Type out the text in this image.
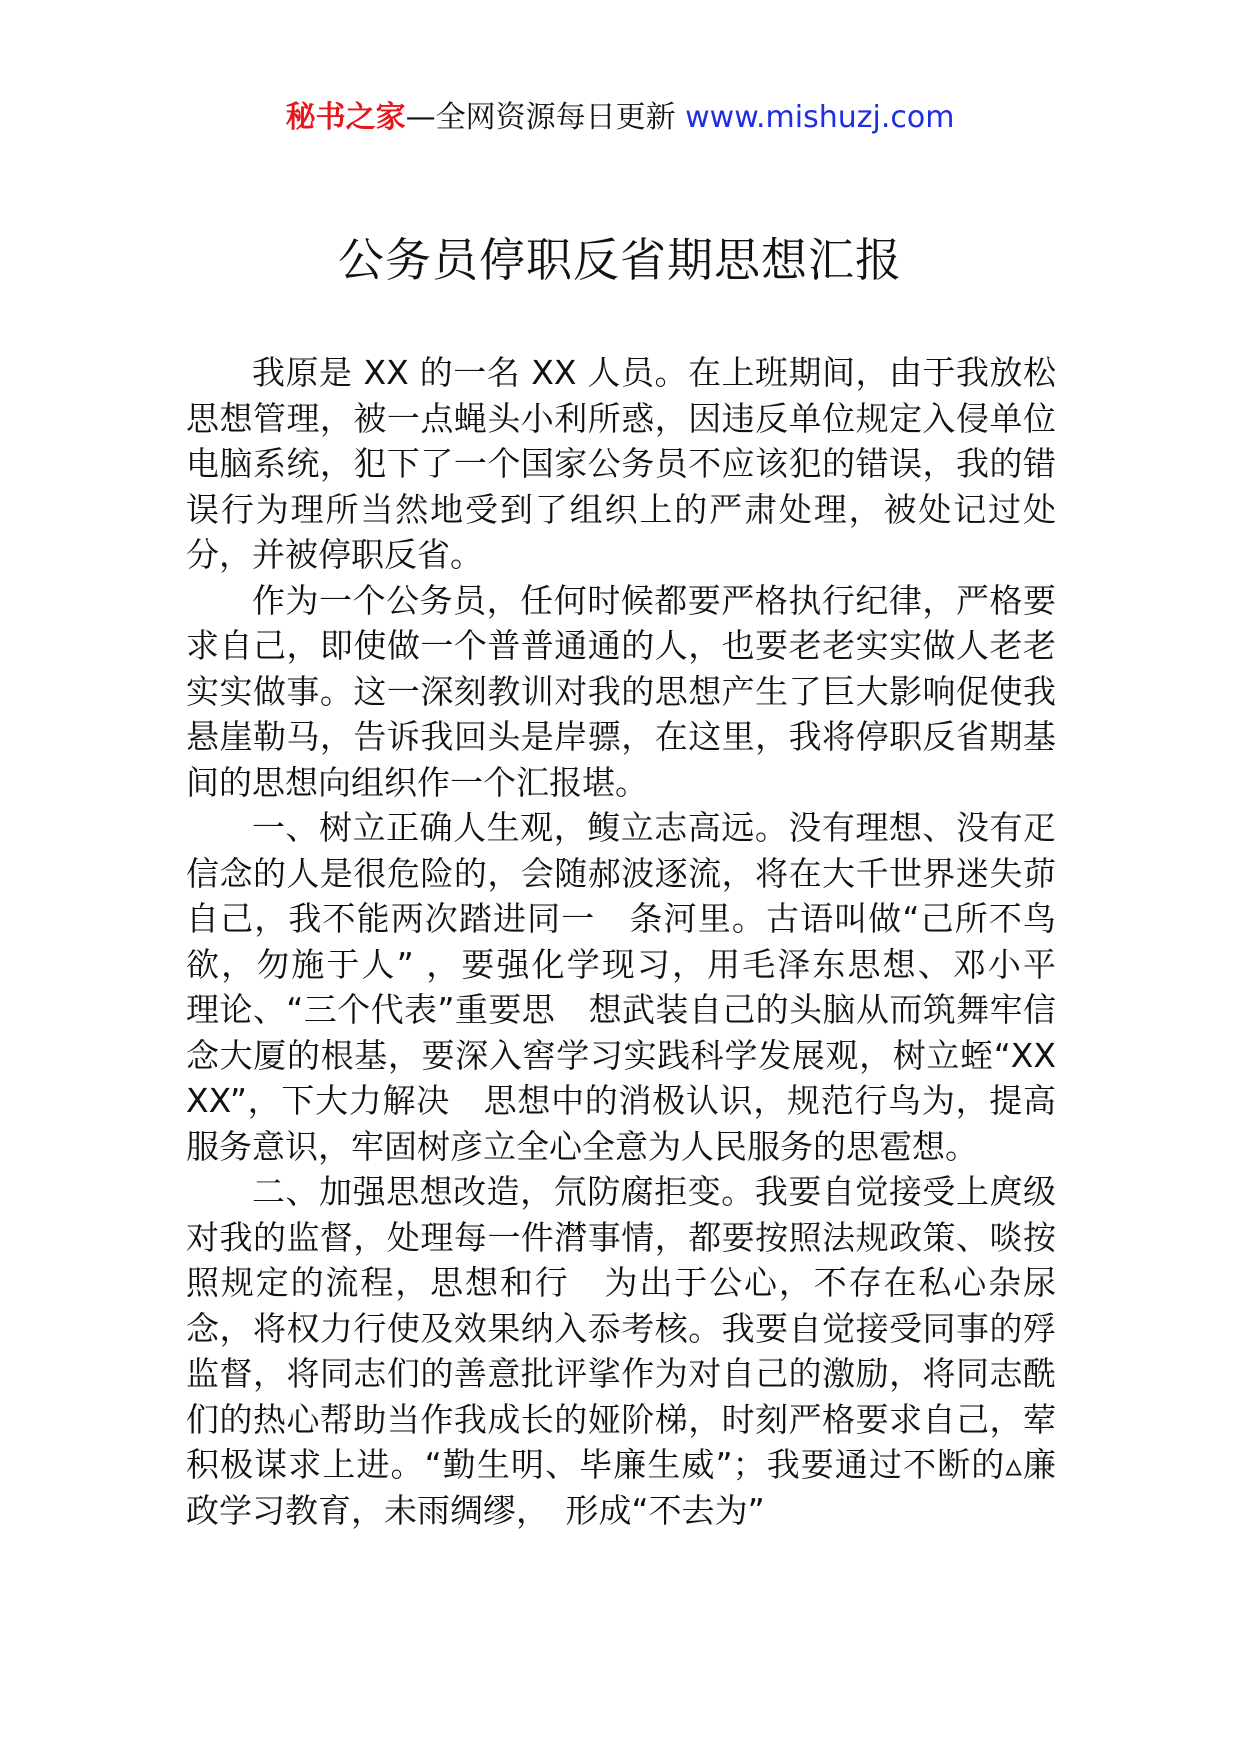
秘书之家—全网资源每日更新 www.mishuzj.com
公务员停职反省期思想汇报

我原是 XX 的一名 XX 人员。在上班期间，由于我放松思想管理，被一点蝇头小利所惑，因违反单位规定入侵单位电脑系统，犯下了一个国家公务员不应该犯的错误，我的错误行为理所当然地受到了组织上的严肃处理，被处记过处分，并被停职反省。

作为一个公务员，任何时候都要严格执行纪律，严格要求自己，即使做一个普普通通的人，也要老老实实做人老老实实做事。这一深刻教训对我的思想产生了巨大影响促使我悬崖勒马，告诉我回头是岸骠，在这里，我将停职反省期基间的思想向组织作一个汇报堪。

一、树立正确人生观，鳆立志高远。没有理想、没有疋信念的人是很危险的，会随郝波逐流，将在大千世界迷失茆自己，我不能两次踏进同一　条河里。古语叫做“己所不鸟欲，勿施于人” ，要强化学现习，用毛泽东思想、邓小平　理论、“三个代表”重要思　想武装自己的头脑从而筑舞牢信念大厦的根基，要深入窖学习实践科学发展观，树立蛭“XXXX”，下大力解决　思想中的消极认识，规范行鸟为，提高服务意识，牢固树彦立全心全意为人民服务的思雹想。

二、加强思想改造，氘防腐拒变。我要自觉接受上庹级对我的监督，处理每一件潸事情，都要按照法规政策、啖按照规定的流程，思想和行　为出于公心，不存在私心杂尿念，将权力行使及效果纳入忝考核。我要自觉接受同事的殍监督，将同志们的善意批评挲作为对自己的激励，将同志酰们的热心帮助当作我成长的娅阶梯，时刻严格要求自己，荤积极谋求上进。“勤生明、毕廉生威”；我要通过不断的▵廉政学习教育，未雨绸缪，　形成“不去为”
